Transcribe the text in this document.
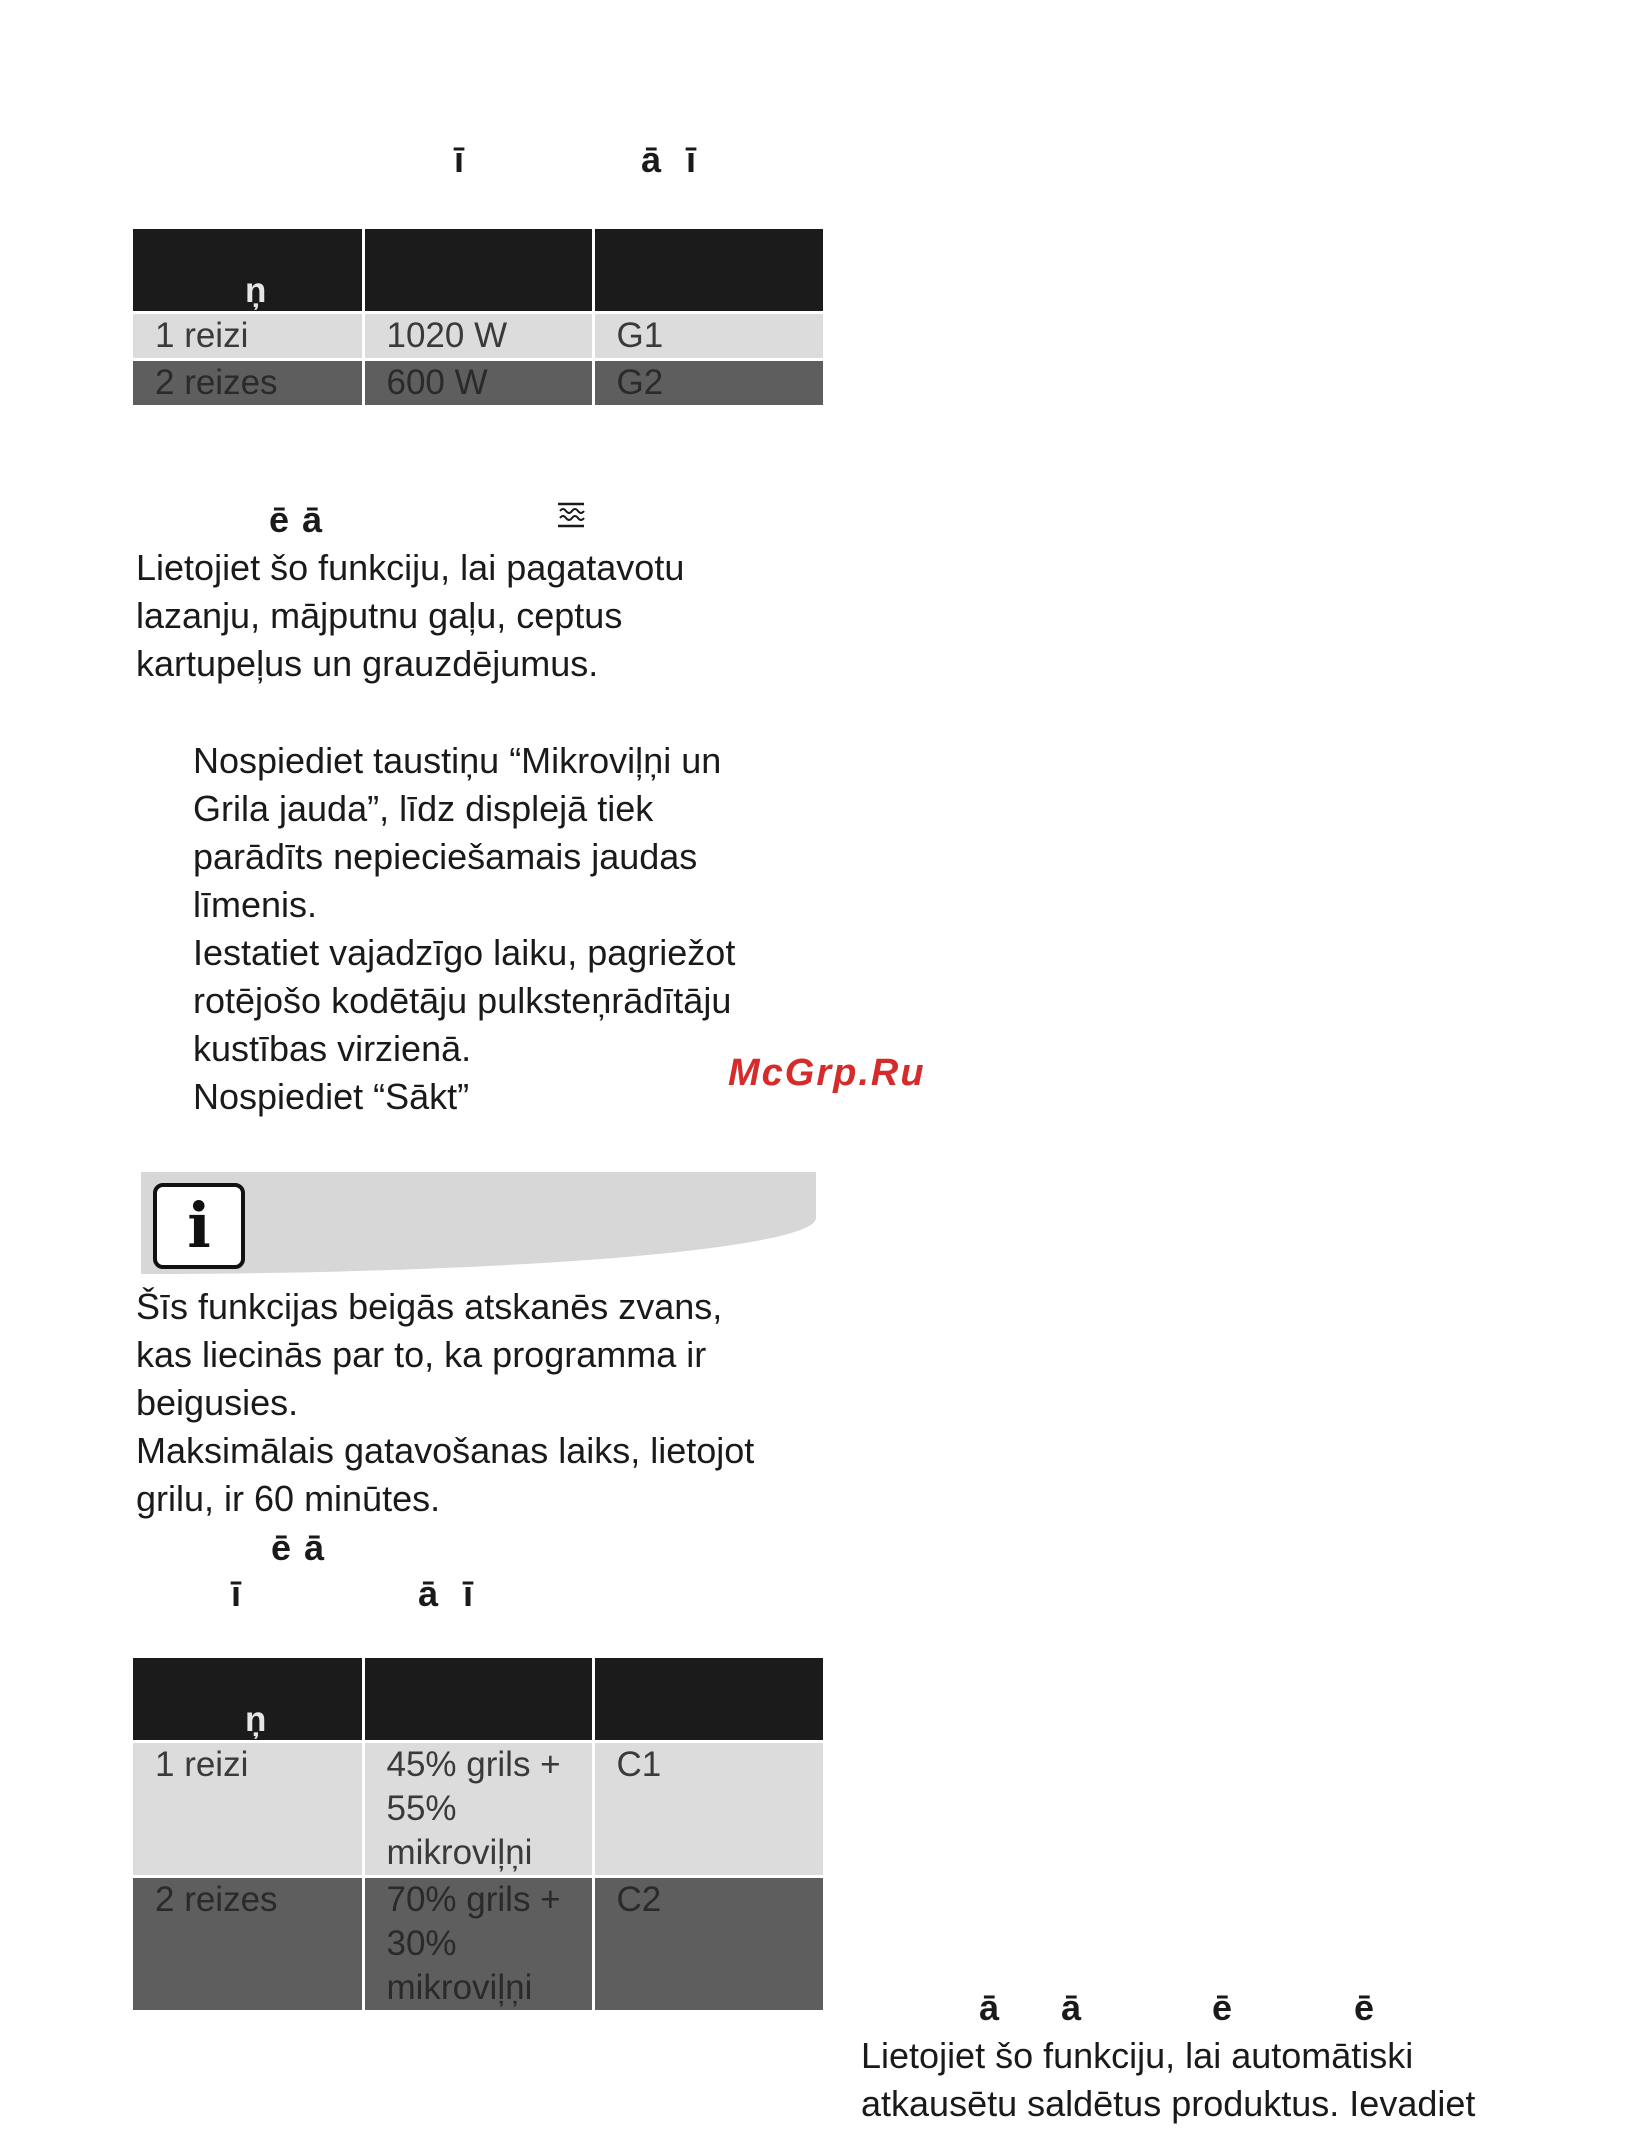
ī	ā ī
ņ		

1 reizi	1020 W	G1

2 reizes	600 W	G2
ē ā
Lietojiet šo funkciju, lai pagatavotu
lazanju, mājputnu gaļu, ceptus
kartupeļus un grauzdējumus.
Nospiediet taustiņu “Mikroviļņi un
Grila jauda”, līdz displejā tiek
parādīts nepieciešamais jaudas
līmenis.
Iestatiet vajadzīgo laiku, pagriežot
rotējošo kodētāju pulksteņrādītāju
kustības virzienā.
Nospiediet “Sākt”
McGrp.Ru
i
Šīs funkcijas beigās atskanēs zvans,
kas liecinās par to, ka programma ir
beigusies.
Maksimālais gatavošanas laiks, lietojot
grilu, ir 60 minūtes.
ē ā
ī	ā ī
ņ		

1 reizi	45% grils +
55%
mikroviļņi	C1

2 reizes	70% grils +
30%
mikroviļņi	C2
ā ā	ē	ē
Lietojiet šo funkciju, lai automātiski
atkausētu saldētus produktus. Ievadiet
